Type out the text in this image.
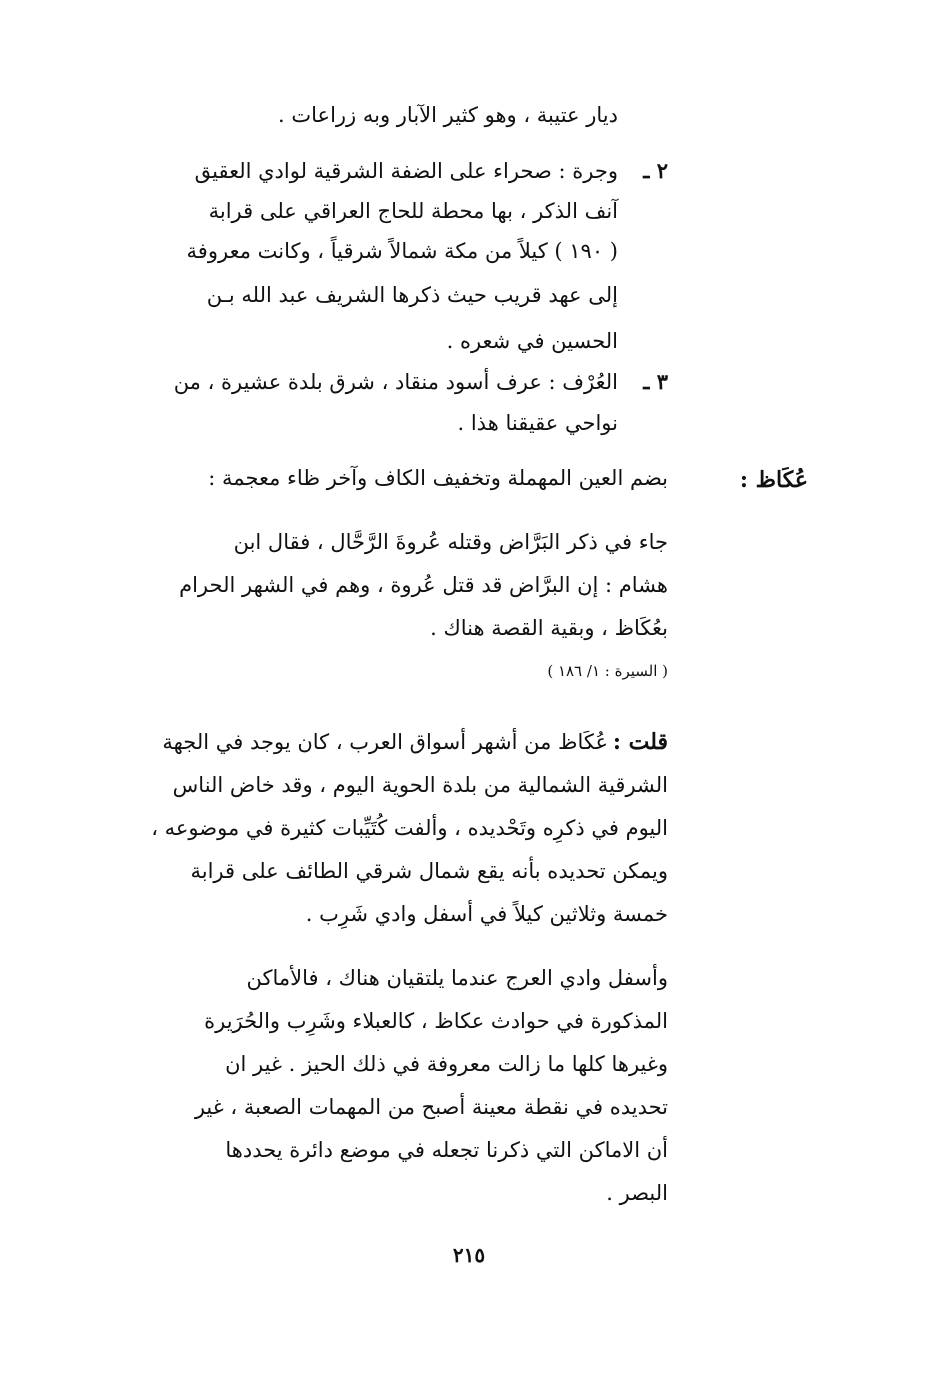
ديار عتيبة ، وهو كثير الآبار وبه زراعات .
٢ ـ
وجرة : صحراء على الضفة الشرقية لوادي العقيق
آنف الذكر ، بها محطة للحاج العراقي على قرابة
( ١٩٠ ) كيلاً من مكة شمالاً شرقياً ، وكانت معروفة
إلى عهد قريب حيث ذكرها الشريف عبد الله بـن
الحسين في شعره .
٣ ـ
العُرْف : عرف أسود منقاد ، شرق بلدة عشيرة ، من
نواحي عقيقنا هذا .
عُكَاظ :
بضم العين المهملة وتخفيف الكاف وآخر ظاء معجمة :
جاء في ذكر البَرَّاض وقتله عُروةَ الرَّحَّال ، فقال ابن
هشام : إن البرَّاض قد قتل عُروة ، وهم في الشهر الحرام
بعُكَاظ ، وبقية القصة هناك .
( السيرة : ١/ ١٨٦ )
قلت :
عُكَاظ من أشهر أسواق العرب ، كان يوجد في الجهة
الشرقية الشمالية من بلدة الحوية اليوم ، وقد خاض الناس
اليوم في ذكرِه وتَحْديده ، وألفت كُتَيِّبات كثيرة في موضوعه ،
ويمكن تحديده بأنه يقع شمال شرقي الطائف على قرابة
خمسة وثلاثين كيلاً في أسفل وادي شَرِب .
وأسفل وادي العرج عندما يلتقيان هناك ، فالأماكن
المذكورة في حوادث عكاظ ، كالعبلاء وشَرِب والحُرَيرة
وغيرها كلها ما زالت معروفة في ذلك الحيز . غير ان
تحديده في نقطة معينة أصبح من المهمات الصعبة ، غير
أن الاماكن التي ذكرنا تجعله في موضع دائرة يحددها
البصر .
٢١٥
